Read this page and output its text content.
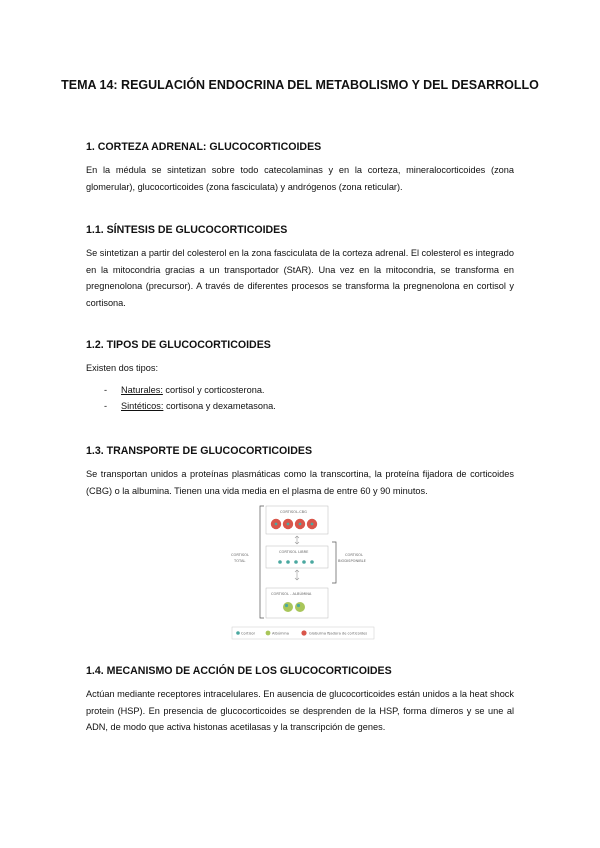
TEMA 14: REGULACIÓN ENDOCRINA DEL METABOLISMO Y DEL DESARROLLO
1. CORTEZA ADRENAL: GLUCOCORTICOIDES

En la médula se sintetizan sobre todo catecolaminas y en la corteza, mineralocorticoides (zona glomerular), glucocorticoides (zona fasciculata) y andrógenos (zona reticular).

1.1. SÍNTESIS DE GLUCOCORTICOIDES

Se sintetizan a partir del colesterol en la zona fasciculata de la corteza adrenal. El colesterol es integrado en la mitocondria gracias a un transportador (StAR). Una vez en la mitocondria, se transforma en pregnenolona (precursor). A través de diferentes procesos se transforma la pregnenolona en cortisol y cortisona.

1.2. TIPOS DE GLUCOCORTICOIDES

Existen dos tipos:

- Naturales: cortisol y corticosterona.
- Sintéticos: cortisona y dexametasona.
1.3. TRANSPORTE DE GLUCOCORTICOIDES

Se transportan unidos a proteínas plasmáticas como la transcortina, la proteína fijadora de corticoides (CBG) o la albumina. Tienen una vida media en el plasma de entre 60 y 90 minutos.

CORTISOL
TOTAL
CORTISOL
BIODISPONIBLE
CORTISOL-CBG
CORTISOL LIBRE
CORTISOL - ALBÚMINA
Cortisol	Albúmina	Globulina fijadora de corticoides
1.4. MECANISMO DE ACCIÓN DE LOS GLUCOCORTICOIDES

Actúan mediante receptores intracelulares. En ausencia de glucocorticoides están unidos a la heat shock protein (HSP). En presencia de glucocorticoides se desprenden de la HSP, forma dímeros y se une al ADN, de modo que activa histonas acetilasas y la transcripción de genes.
